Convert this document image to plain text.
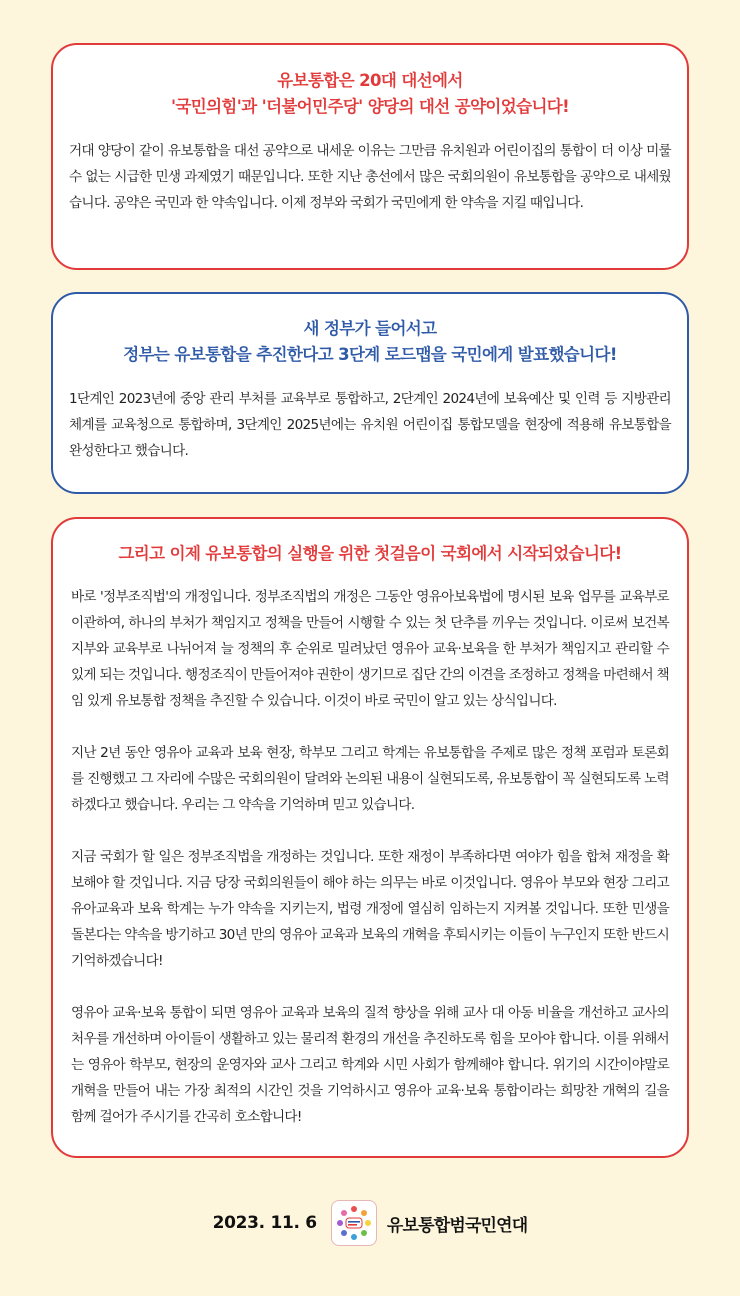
유보통합은 20대 대선에서
'국민의힘'과 '더불어민주당' 양당의 대선 공약이었습니다!

거대 양당이 같이 유보통합을 대선 공약으로 내세운 이유는 그만큼 유치원과 어린이집의 통합이 더 이상 미룰 수 없는 시급한 민생 과제였기 때문입니다. 또한 지난 총선에서 많은 국회의원이 유보통합을 공약으로 내세웠습니다. 공약은 국민과 한 약속입니다. 이제 정부와 국회가 국민에게 한 약속을 지킬 때입니다.

새 정부가 들어서고
정부는 유보통합을 추진한다고 3단계 로드맵을 국민에게 발표했습니다!

1단계인 2023년에 중앙 관리 부처를 교육부로 통합하고, 2단계인 2024년에 보육예산 및 인력 등 지방관리 체계를 교육청으로 통합하며, 3단계인 2025년에는 유치원 어린이집 통합모델을 현장에 적용해 유보통합을 완성한다고 했습니다.

그리고 이제 유보통합의 실행을 위한 첫걸음이 국회에서 시작되었습니다!

바로 '정부조직법'의 개정입니다. 정부조직법의 개정은 그동안 영유아보육법에 명시된 보육 업무를 교육부로 이관하여, 하나의 부처가 책임지고 정책을 만들어 시행할 수 있는 첫 단추를 끼우는 것입니다. 이로써 보건복지부와 교육부로 나뉘어져 늘 정책의 후 순위로 밀려났던 영유아 교육·보육을 한 부처가 책임지고 관리할 수 있게 되는 것입니다. 행정조직이 만들어져야 권한이 생기므로 집단 간의 이견을 조정하고 정책을 마련해서 책임 있게 유보통합 정책을 추진할 수 있습니다. 이것이 바로 국민이 알고 있는 상식입니다.

지난 2년 동안 영유아 교육과 보육 현장, 학부모 그리고 학계는 유보통합을 주제로 많은 정책 포럼과 토론회를 진행했고 그 자리에 수많은 국회의원이 달려와 논의된 내용이 실현되도록, 유보통합이 꼭 실현되도록 노력하겠다고 했습니다. 우리는 그 약속을 기억하며 믿고 있습니다.

지금 국회가 할 일은 정부조직법을 개정하는 것입니다. 또한 재정이 부족하다면 여야가 힘을 합쳐 재정을 확보해야 할 것입니다. 지금 당장 국회의원들이 해야 하는 의무는 바로 이것입니다. 영유아 부모와 현장 그리고 유아교육과 보육 학계는 누가 약속을 지키는지, 법령 개정에 열심히 임하는지 지켜볼 것입니다. 또한 민생을 돌본다는 약속을 방기하고 30년 만의 영유아 교육과 보육의 개혁을 후퇴시키는 이들이 누구인지 또한 반드시 기억하겠습니다!

영유아 교육·보육 통합이 되면 영유아 교육과 보육의 질적 향상을 위해 교사 대 아동 비율을 개선하고 교사의 처우를 개선하며 아이들이 생활하고 있는 물리적 환경의 개선을 추진하도록 힘을 모아야 합니다. 이를 위해서는 영유아 학부모, 현장의 운영자와 교사 그리고 학계와 시민 사회가 함께해야 합니다. 위기의 시간이야말로 개혁을 만들어 내는 가장 최적의 시간인 것을 기억하시고 영유아 교육·보육 통합이라는 희망찬 개혁의 길을 함께 걸어가 주시기를 간곡히 호소합니다!

2023. 11. 6	유보통합범국민연대
